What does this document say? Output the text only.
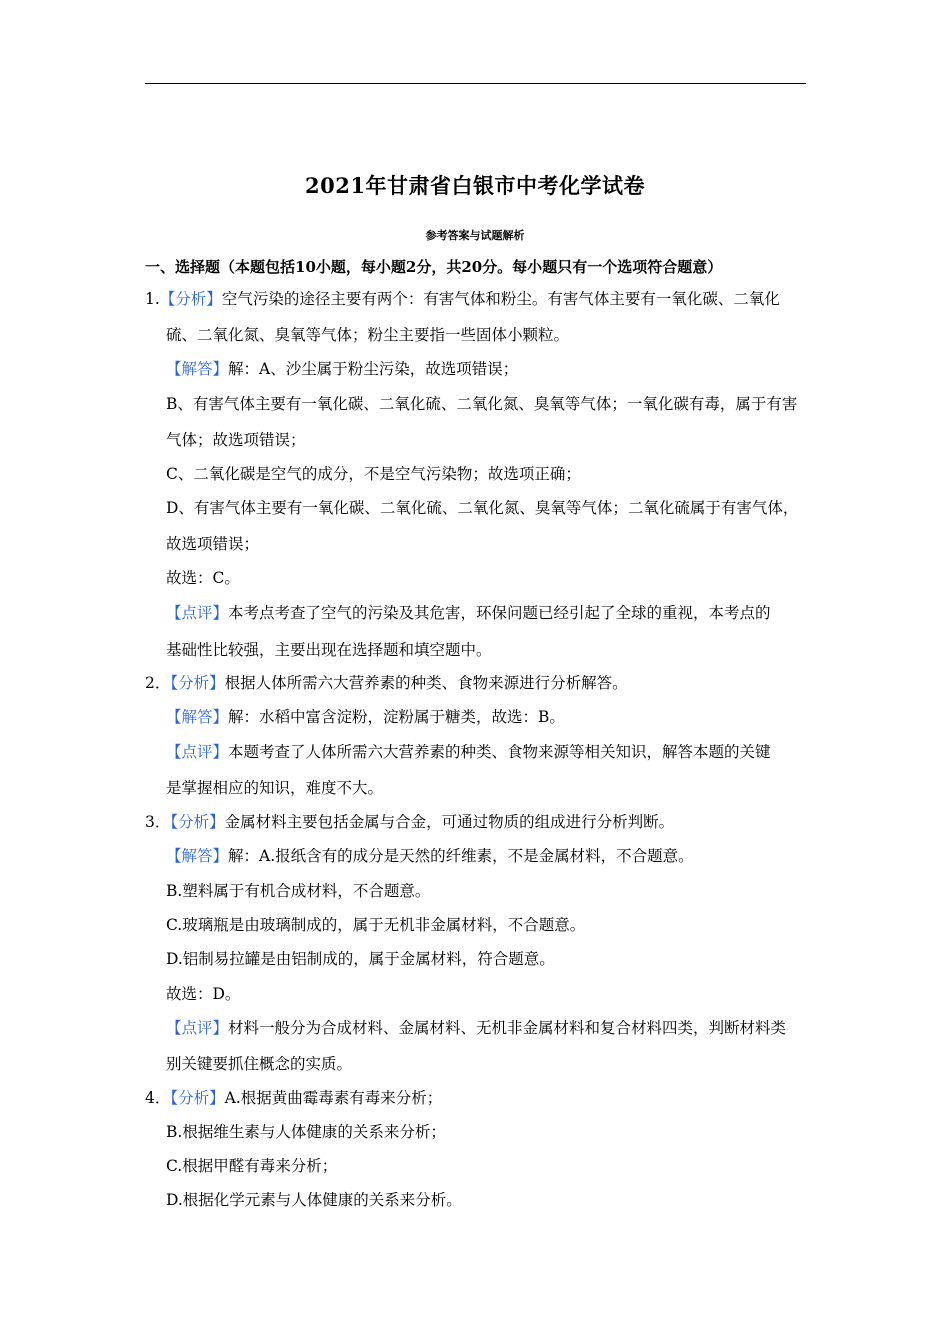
2021年甘肃省白银市中考化学试卷
参考答案与试题解析
一、选择题（本题包括10小题，每小题2分，共20分。每小题只有一个选项符合题意）
1.【分析】空气污染的途径主要有两个：有害气体和粉尘。有害气体主要有一氧化碳、二氧化
硫、二氧化氮、臭氧等气体；粉尘主要指一些固体小颗粒。
【解答】解：A、沙尘属于粉尘污染，故选项错误；
B、有害气体主要有一氧化碳、二氧化硫、二氧化氮、臭氧等气体；一氧化碳有毒，属于有害
气体；故选项错误；
C、二氧化碳是空气的成分，不是空气污染物；故选项正确；
D、有害气体主要有一氧化碳、二氧化硫、二氧化氮、臭氧等气体；二氧化硫属于有害气体，
故选项错误；
故选：C。
【点评】本考点考查了空气的污染及其危害，环保问题已经引起了全球的重视，本考点的
基础性比较强，主要出现在选择题和填空题中。
2．【分析】根据人体所需六大营养素的种类、食物来源进行分析解答。
【解答】解：水稻中富含淀粉，淀粉属于糖类，故选：B。
【点评】本题考查了人体所需六大营养素的种类、食物来源等相关知识，解答本题的关键
是掌握相应的知识，难度不大。
3．【分析】金属材料主要包括金属与合金，可通过物质的组成进行分析判断。
【解答】解：A.报纸含有的成分是天然的纤维素，不是金属材料，不合题意。
B.塑料属于有机合成材料，不合题意。
C.玻璃瓶是由玻璃制成的，属于无机非金属材料，不合题意。
D.铝制易拉罐是由铝制成的，属于金属材料，符合题意。
故选：D。
【点评】材料一般分为合成材料、金属材料、无机非金属材料和复合材料四类，判断材料类
别关键要抓住概念的实质。
4．【分析】A.根据黄曲霉毒素有毒来分析；
B.根据维生素与人体健康的关系来分析；
C.根据甲醛有毒来分析；
D.根据化学元素与人体健康的关系来分析。
